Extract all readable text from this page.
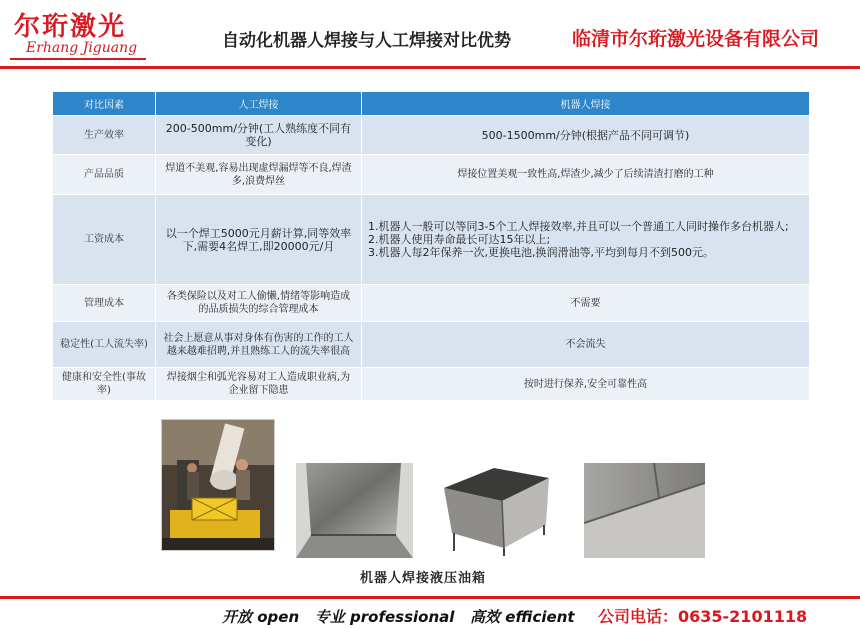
尔珩激光
Erhang Jiguang	自动化机器人焊接与人工焊接对比优势	临清市尔珩激光设备有限公司
对比因素	人工焊接	机器人焊接
生产效率	200-500mm/分钟(工人熟练度不同有变化)	500-1500mm/分钟(根据产品不同可调节)
产品品质	焊道不美观,容易出现虚焊漏焊等不良,焊渣多,浪费焊丝	焊接位置美观一致性高,焊渣少,减少了后续清渣打磨的工种
工资成本	以一个焊工5000元月薪计算,同等效率下,需要4名焊工,即20000元/月	1.机器人一般可以等同3-5个工人焊接效率,并且可以一个普通工人同时操作多台机器人;
2.机器人使用寿命最长可达15年以上;
3.机器人每2年保养一次,更换电池,换润滑油等,平均到每月不到500元。

管理成本	各类保险以及对工人偷懒,情绪等影响造成的品质损失的综合管理成本	不需要
稳定性(工人流失率)	社会上愿意从事对身体有伤害的工作的工人越来越难招聘,并且熟练工人的流失率很高	不会流失
健康和安全性(事故率)	焊接烟尘和弧光容易对工人造成职业病,为企业留下隐患	按时进行保养,安全可靠性高
机器人焊接液压油箱
开放 open   专业 professional   高效 efficient 公司电话：0635-2101118
